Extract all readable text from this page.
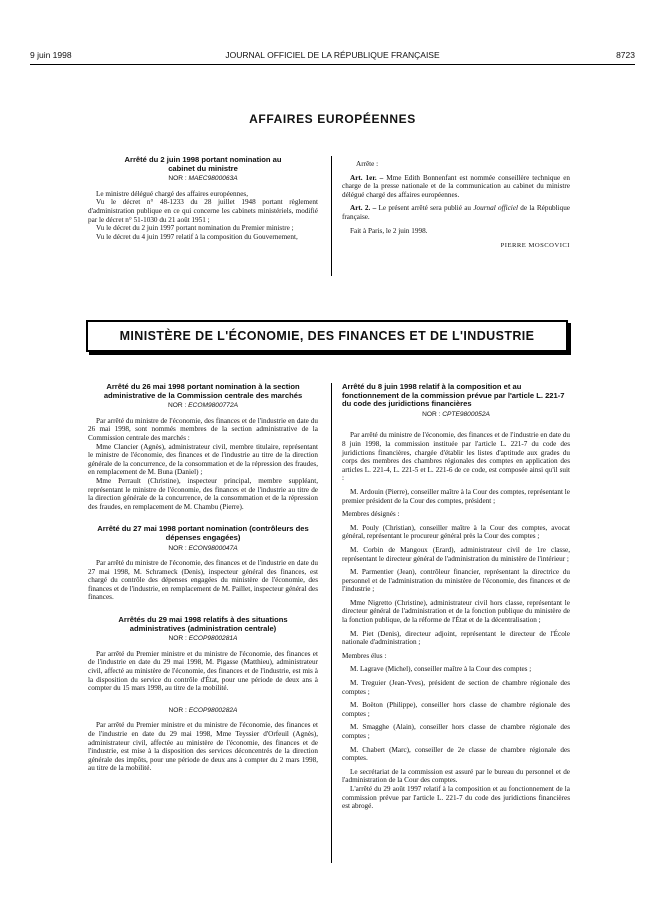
9 juin 1998	JOURNAL OFFICIEL DE LA RÉPUBLIQUE FRANÇAISE	8723
AFFAIRES EUROPÉENNES
Arrêté du 2 juin 1998 portant nomination au cabinet du ministre
NOR : MAEC9800063A

Le ministre délégué chargé des affaires européennes,

Vu le décret n° 48-1233 du 28 juillet 1948 portant règlement d'administration publique en ce qui concerne les cabinets ministériels, modifié par le décret n° 51-1030 du 21 août 1951 ;

Vu le décret du 2 juin 1997 portant nomination du Premier ministre ;

Vu le décret du 4 juin 1997 relatif à la composition du Gouvernement,

Arrête :

Art. 1er. – Mme Edith Bonnenfant est nommée conseillère technique en charge de la presse nationale et de la communication au cabinet du ministre délégué chargé des affaires européennes.

Art. 2. – Le présent arrêté sera publié au Journal officiel de la République française.

Fait à Paris, le 2 juin 1998.

PIERRE MOSCOVICI
MINISTÈRE DE L'ÉCONOMIE, DES FINANCES ET DE L'INDUSTRIE
Arrêté du 26 mai 1998 portant nomination à la section administrative de la Commission centrale des marchés
NOR : ECOM9800772A

Par arrêté du ministre de l'économie, des finances et de l'industrie en date du 26 mai 1998, sont nommés membres de la section administrative de la Commission centrale des marchés :

Mme Clancier (Agnès), administrateur civil, membre titulaire, représentant le ministre de l'économie, des finances et de l'industrie au titre de la direction générale de la concurrence, de la consommation et de la répression des fraudes, en remplacement de M. Buna (Daniel) ;

Mme Perrault (Christine), inspecteur principal, membre suppléant, représentant le ministre de l'économie, des finances et de l'industrie au titre de la direction générale de la concurrence, de la consommation et de la répression des fraudes, en remplacement de M. Chambu (Pierre).

Arrêté du 27 mai 1998 portant nomination (contrôleurs des dépenses engagées)
NOR : ECON9800047A

Par arrêté du ministre de l'économie, des finances et de l'industrie en date du 27 mai 1998, M. Schrameck (Denis), inspecteur général des finances, est chargé du contrôle des dépenses engagées du ministère de l'économie, des finances et de l'industrie, en remplacement de M. Paillet, inspecteur général des finances.

Arrêtés du 29 mai 1998 relatifs à des situations administratives (administration centrale)
NOR : ECOP9800281A

Par arrêté du Premier ministre et du ministre de l'économie, des finances et de l'industrie en date du 29 mai 1998, M. Pigasse (Matthieu), administrateur civil, affecté au ministère de l'économie, des finances et de l'industrie, est mis à la disposition du service du contrôle d'État, pour une période de deux ans à compter du 15 mars 1998, au titre de la mobilité.

NOR : ECOP9800282A

Par arrêté du Premier ministre et du ministre de l'économie, des finances et de l'industrie en date du 29 mai 1998, Mme Teyssier d'Orfeuil (Agnès), administrateur civil, affectée au ministère de l'économie, des finances et de l'industrie, est mise à la disposition des services déconcentrés de la direction générale des impôts, pour une période de deux ans à compter du 2 mars 1998, au titre de la mobilité.

Arrêté du 8 juin 1998 relatif à la composition et au fonctionnement de la commission prévue par l'article L. 221-7 du code des juridictions financières
NOR : CPTE9800052A

Par arrêté du ministre de l'économie, des finances et de l'industrie en date du 8 juin 1998, la commission instituée par l'article L. 221-7 du code des juridictions financières, chargée d'établir les listes d'aptitude aux grades du corps des membres des chambres régionales des comptes en application des articles L. 221-4, L. 221-5 et L. 221-6 de ce code, est composée ainsi qu'il suit :

M. Ardouin (Pierre), conseiller maître à la Cour des comptes, représentant le premier président de la Cour des comptes, président ;

Membres désignés :

M. Pouly (Christian), conseiller maître à la Cour des comptes, avocat général, représentant le procureur général près la Cour des comptes ;

M. Corbin de Mangoux (Erard), administrateur civil de 1re classe, représentant le directeur général de l'administration du ministère de l'intérieur ;

M. Parmentier (Jean), contrôleur financier, représentant la directrice du personnel et de l'administration du ministère de l'économie, des finances et de l'industrie ;

Mme Nigretto (Christine), administrateur civil hors classe, représentant le directeur général de l'administration et de la fonction publique du ministère de la fonction publique, de la réforme de l'État et de la décentralisation ;

M. Piet (Denis), directeur adjoint, représentant le directeur de l'École nationale d'administration ;

Membres élus :

M. Lagrave (Michel), conseiller maître à la Cour des comptes ;

M. Treguier (Jean-Yves), président de section de chambre régionale des comptes ;

M. Boëton (Philippe), conseiller hors classe de chambre régionale des comptes ;

M. Smagghe (Alain), conseiller hors classe de chambre régionale des comptes ;

M. Chabert (Marc), conseiller de 2e classe de chambre régionale des comptes.

Le secrétariat de la commission est assuré par le bureau du personnel et de l'administration de la Cour des comptes.

L'arrêté du 29 août 1997 relatif à la composition et au fonctionnement de la commission prévue par l'article L. 221-7 du code des juridictions financières est abrogé.
